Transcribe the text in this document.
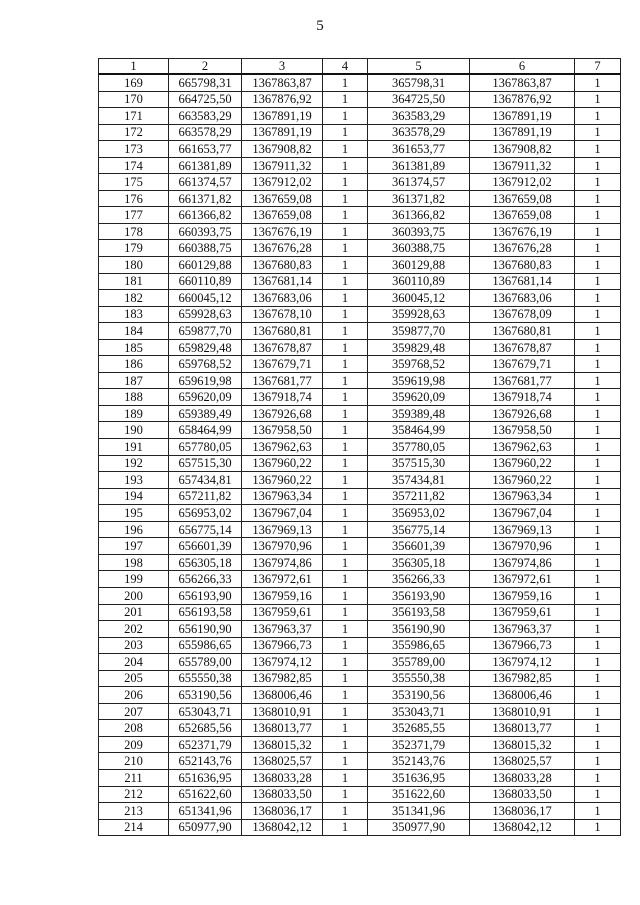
5
1	2	3	4	5	6	7
169	665798,31	1367863,87	1	365798,31	1367863,87	1
170	664725,50	1367876,92	1	364725,50	1367876,92	1
171	663583,29	1367891,19	1	363583,29	1367891,19	1
172	663578,29	1367891,19	1	363578,29	1367891,19	1
173	661653,77	1367908,82	1	361653,77	1367908,82	1
174	661381,89	1367911,32	1	361381,89	1367911,32	1
175	661374,57	1367912,02	1	361374,57	1367912,02	1
176	661371,82	1367659,08	1	361371,82	1367659,08	1
177	661366,82	1367659,08	1	361366,82	1367659,08	1
178	660393,75	1367676,19	1	360393,75	1367676,19	1
179	660388,75	1367676,28	1	360388,75	1367676,28	1
180	660129,88	1367680,83	1	360129,88	1367680,83	1
181	660110,89	1367681,14	1	360110,89	1367681,14	1
182	660045,12	1367683,06	1	360045,12	1367683,06	1
183	659928,63	1367678,10	1	359928,63	1367678,09	1
184	659877,70	1367680,81	1	359877,70	1367680,81	1
185	659829,48	1367678,87	1	359829,48	1367678,87	1
186	659768,52	1367679,71	1	359768,52	1367679,71	1
187	659619,98	1367681,77	1	359619,98	1367681,77	1
188	659620,09	1367918,74	1	359620,09	1367918,74	1
189	659389,49	1367926,68	1	359389,48	1367926,68	1
190	658464,99	1367958,50	1	358464,99	1367958,50	1
191	657780,05	1367962,63	1	357780,05	1367962,63	1
192	657515,30	1367960,22	1	357515,30	1367960,22	1
193	657434,81	1367960,22	1	357434,81	1367960,22	1
194	657211,82	1367963,34	1	357211,82	1367963,34	1
195	656953,02	1367967,04	1	356953,02	1367967,04	1
196	656775,14	1367969,13	1	356775,14	1367969,13	1
197	656601,39	1367970,96	1	356601,39	1367970,96	1
198	656305,18	1367974,86	1	356305,18	1367974,86	1
199	656266,33	1367972,61	1	356266,33	1367972,61	1
200	656193,90	1367959,16	1	356193,90	1367959,16	1
201	656193,58	1367959,61	1	356193,58	1367959,61	1
202	656190,90	1367963,37	1	356190,90	1367963,37	1
203	655986,65	1367966,73	1	355986,65	1367966,73	1
204	655789,00	1367974,12	1	355789,00	1367974,12	1
205	655550,38	1367982,85	1	355550,38	1367982,85	1
206	653190,56	1368006,46	1	353190,56	1368006,46	1
207	653043,71	1368010,91	1	353043,71	1368010,91	1
208	652685,56	1368013,77	1	352685,55	1368013,77	1
209	652371,79	1368015,32	1	352371,79	1368015,32	1
210	652143,76	1368025,57	1	352143,76	1368025,57	1
211	651636,95	1368033,28	1	351636,95	1368033,28	1
212	651622,60	1368033,50	1	351622,60	1368033,50	1
213	651341,96	1368036,17	1	351341,96	1368036,17	1
214	650977,90	1368042,12	1	350977,90	1368042,12	1
